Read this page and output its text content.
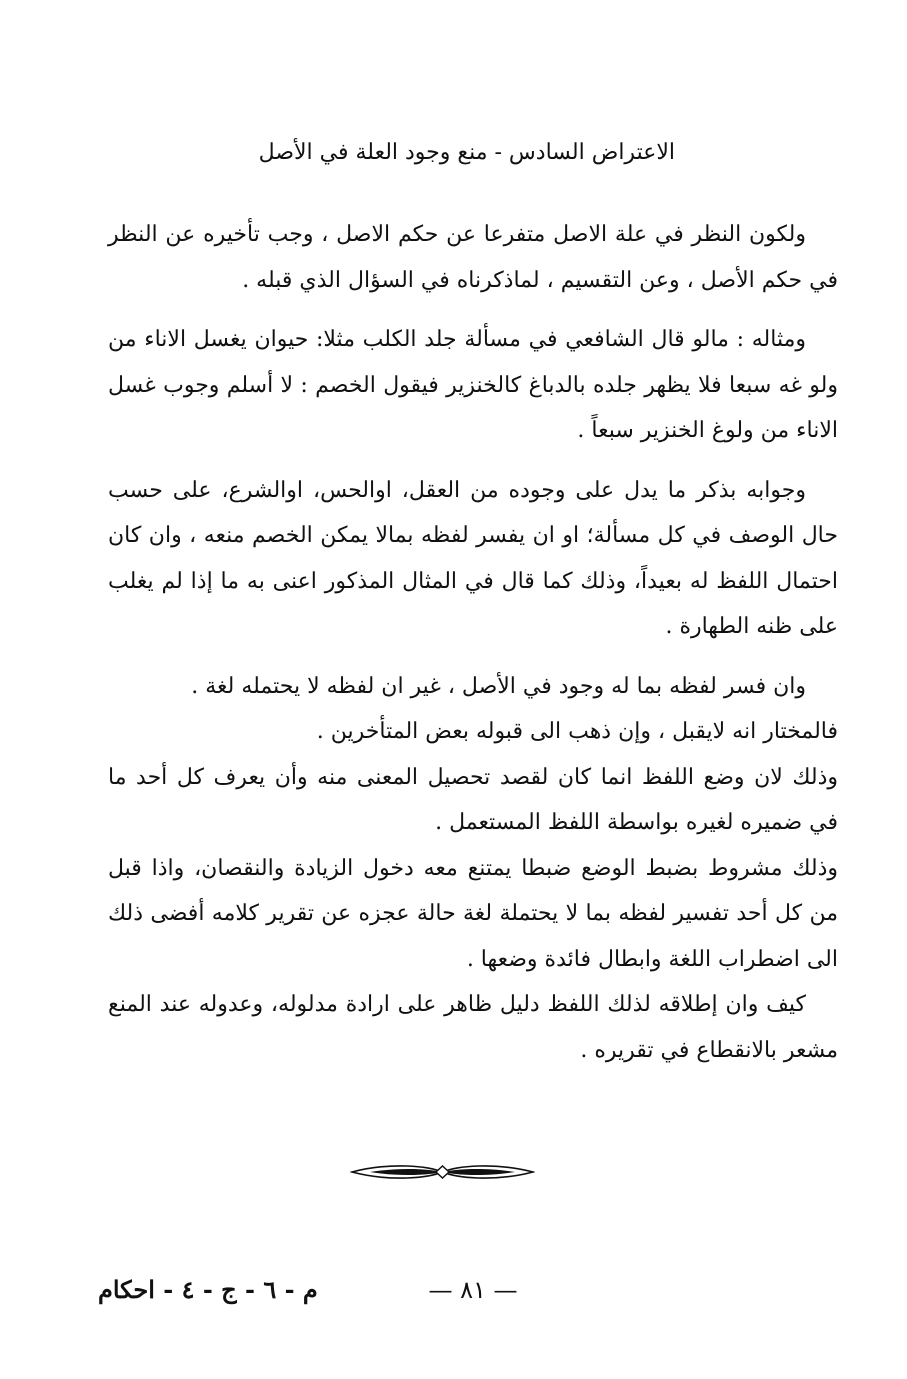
الاعتراض السادس - منع وجود العلة في الأصل

ولكون النظر في علة الاصل متفرعا عن حكم الاصل ، وجب تأخيره عن النظر في حكم الأصل ، وعن التقسيم ، لماذكرناه في السؤال الذي قبله .

ومثاله : مالو قال الشافعي في مسألة جلد الكلب مثلا: حيوان يغسل الاناء من ولو غه سبعا فلا يظهر جلده بالدباغ كالخنزير فيقول الخصم : لا أسلم وجوب غسل الاناء من ولوغ الخنزير سبعاً .

وجوابه بذكر ما يدل على وجوده من العقل، اوالحس، اوالشرع، على حسب حال الوصف في كل مسألة؛ او ان يفسر لفظه بمالا يمكن الخصم منعه ، وان كان احتمال اللفظ له بعيداً، وذلك كما قال في المثال المذكور اعنى به ما إذا لم يغلب على ظنه الطهارة .

وان فسر لفظه بما له وجود في الأصل ، غير ان لفظه لا يحتمله لغة .

فالمختار انه لايقبل ، وإن ذهب الى قبوله بعض المتأخرين .

وذلك لان وضع اللفظ انما كان لقصد تحصيل المعنى منه وأن يعرف كل أحد ما في ضميره لغيره بواسطة اللفظ المستعمل .

وذلك مشروط بضبط الوضع ضبطا يمتنع معه دخول الزيادة والنقصان، واذا قبل من كل أحد تفسير لفظه بما لا يحتملة لغة حالة عجزه عن تقرير كلامه أفضى ذلك الى اضطراب اللغة وابطال فائدة وضعها .

كيف وان إطلاقه لذلك اللفظ دليل ظاهر على ارادة مدلوله، وعدوله عند المنع مشعر بالانقطاع في تقريره .

— ٨١ —
م - ٦ - ج - ٤ - احكام
